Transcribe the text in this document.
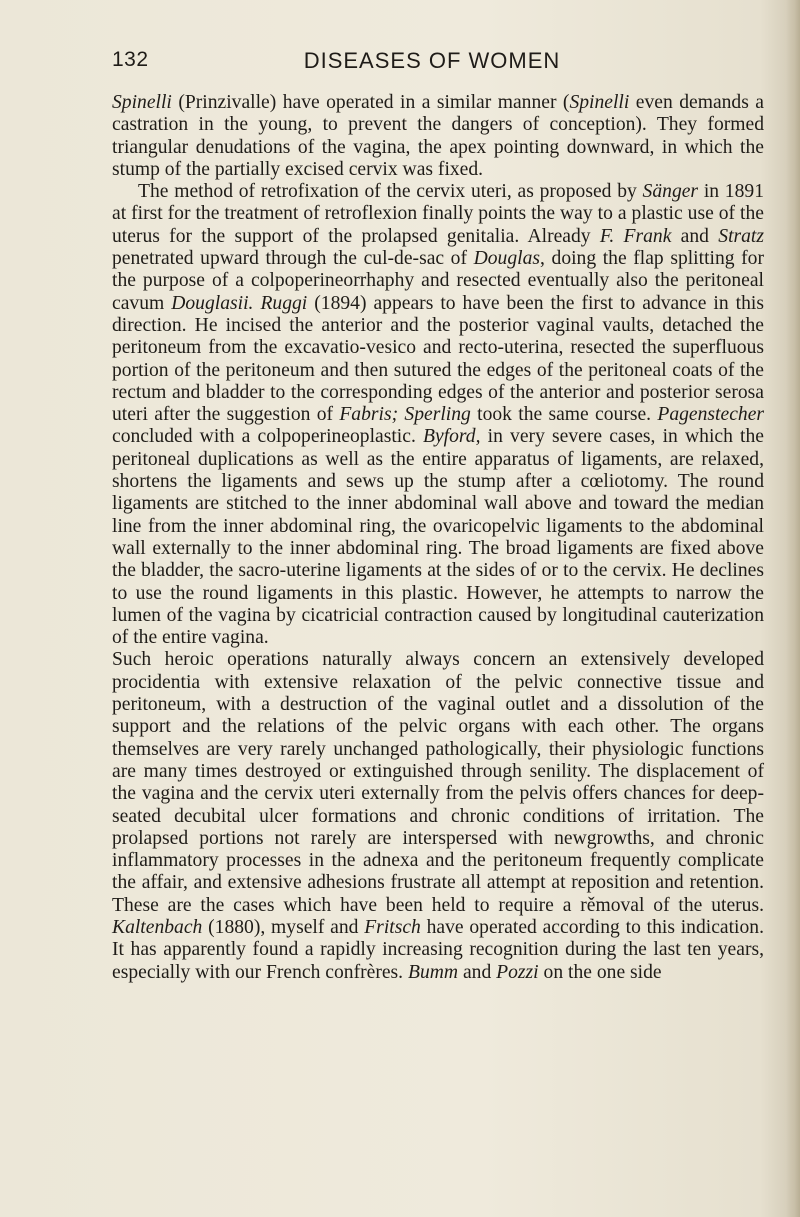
132	DISEASES OF WOMEN

Spinelli (Prinzivalle) have operated in a similar manner (Spinelli even demands a castration in the young, to prevent the dangers of conception). They formed triangular denudations of the vagina, the apex pointing downward, in which the stump of the partially excised cervix was fixed.

The method of retrofixation of the cervix uteri, as proposed by Sänger in 1891 at first for the treatment of retroflexion finally points the way to a plastic use of the uterus for the support of the prolapsed genitalia. Already F. Frank and Stratz penetrated upward through the cul-de-sac of Douglas, doing the flap splitting for the purpose of a colpoperineorrhaphy and resected eventually also the peritoneal cavum Douglasii. Ruggi (1894) appears to have been the first to advance in this direction. He incised the anterior and the posterior vaginal vaults, detached the peritoneum from the excavatio-vesico and recto-uterina, resected the superfluous portion of the peritoneum and then sutured the edges of the peritoneal coats of the rectum and bladder to the corresponding edges of the anterior and posterior serosa uteri after the suggestion of Fabris; Sperling took the same course. Pagenstecher concluded with a colpoperineoplastic. Byford, in very severe cases, in which the peritoneal duplications as well as the entire apparatus of ligaments, are relaxed, shortens the ligaments and sews up the stump after a cœliotomy. The round ligaments are stitched to the inner abdominal wall above and toward the median line from the inner abdominal ring, the ovaricopelvic ligaments to the abdominal wall externally to the inner abdominal ring. The broad ligaments are fixed above the bladder, the sacro-uterine ligaments at the sides of or to the cervix. He declines to use the round ligaments in this plastic. However, he attempts to narrow the lumen of the vagina by cicatricial contraction caused by longitudinal cauterization of the entire vagina.

Such heroic operations naturally always concern an extensively developed procidentia with extensive relaxation of the pelvic connective tissue and peritoneum, with a destruction of the vaginal outlet and a dissolution of the support and the relations of the pelvic organs with each other. The organs themselves are very rarely unchanged pathologically, their physiologic functions are many times destroyed or extinguished through senility. The displacement of the vagina and the cervix uteri externally from the pelvis offers chances for deep-seated decubital ulcer formations and chronic conditions of irritation. The prolapsed portions not rarely are interspersed with newgrowths, and chronic inflammatory processes in the adnexa and the peritoneum frequently complicate the affair, and extensive adhesions frustrate all attempt at reposition and retention. These are the cases which have been held to require a rěmoval of the uterus. Kaltenbach (1880), myself and Fritsch have operated according to this indication. It has apparently found a rapidly increasing recognition during the last ten years, especially with our French confrères. Bumm and Pozzi on the one side
